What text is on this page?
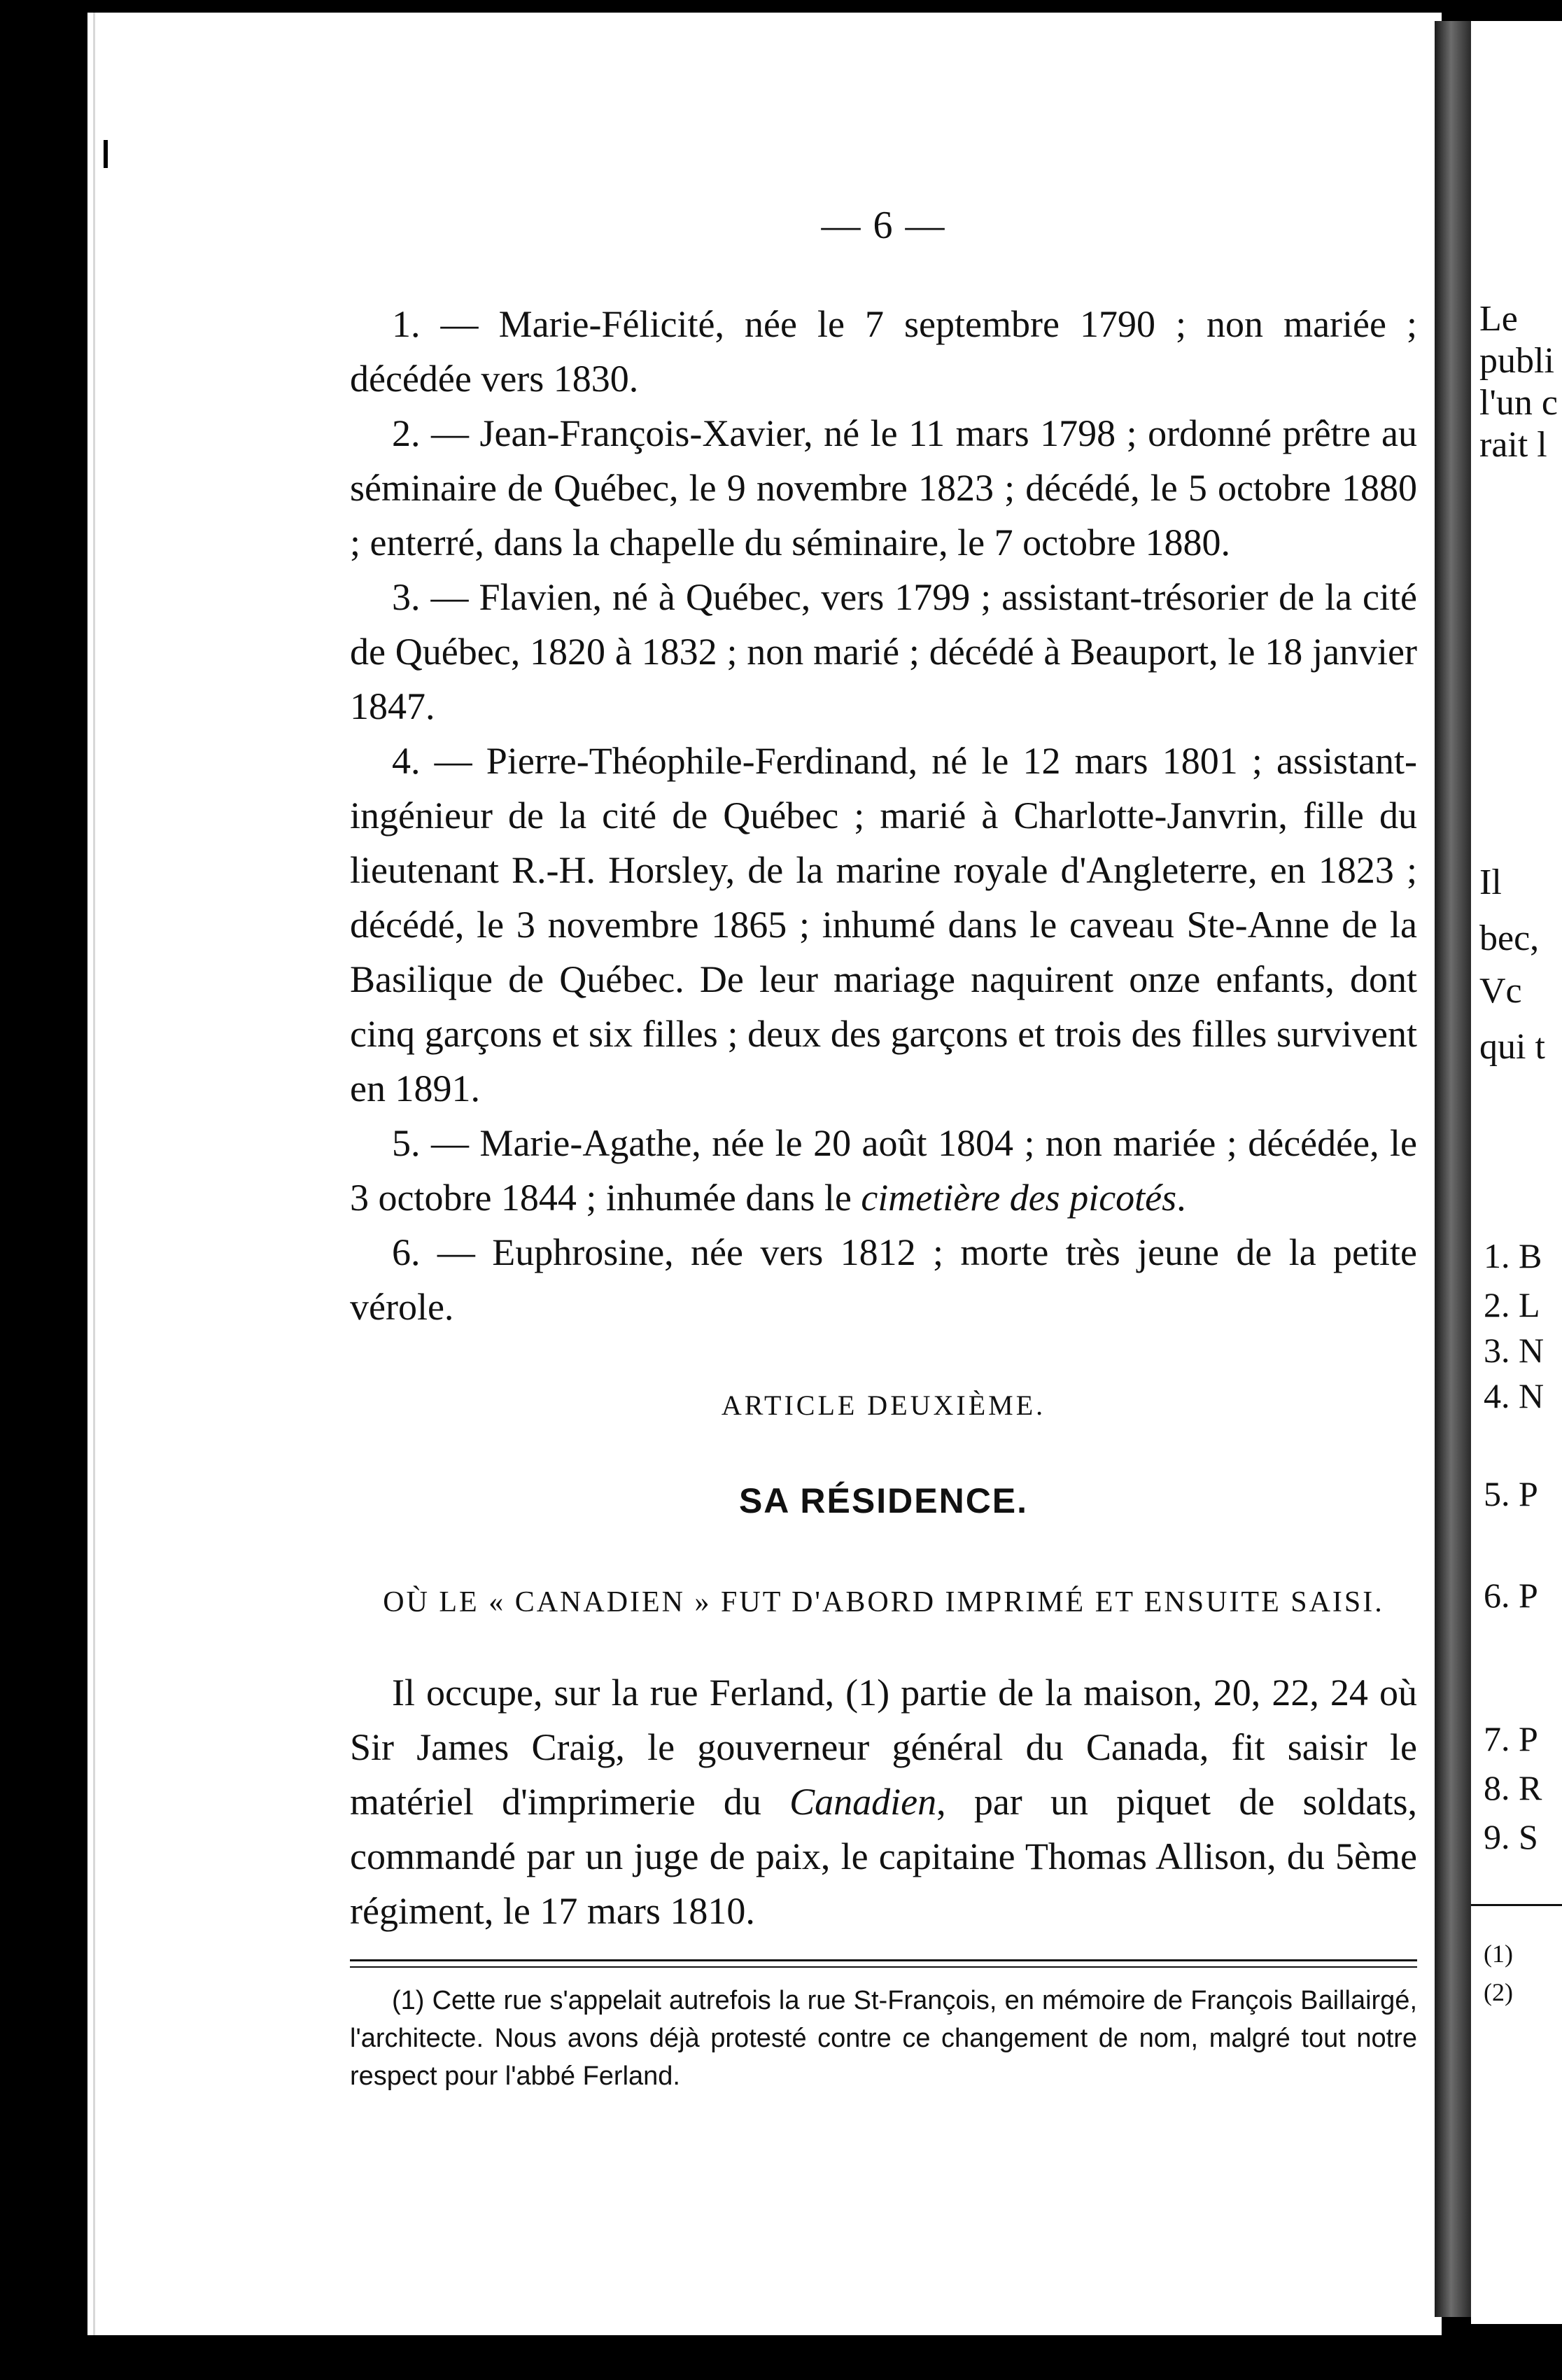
Le
publi
l'un c
rait l
Il
bec,
Vc
qui t
1. B
2. L
3. N
4. N
5. P
6. P
7. P
8. R
9. S
(1)
(2)
— 6 —

1. — Marie-Félicité, née le 7 septembre 1790 ; non mariée ; décédée vers 1830.

2. — Jean-François-Xavier, né le 11 mars 1798 ; ordonné prêtre au séminaire de Québec, le 9 novembre 1823 ; décédé, le 5 octobre 1880 ; enterré, dans la chapelle du séminaire, le 7 octobre 1880.

3. — Flavien, né à Québec, vers 1799 ; assistant-trésorier de la cité de Québec, 1820 à 1832 ; non marié ; décédé à Beauport, le 18 janvier 1847.

4. — Pierre-Théophile-Ferdinand, né le 12 mars 1801 ; assistant-ingénieur de la cité de Québec ; marié à Charlotte-Janvrin, fille du lieutenant R.-H. Horsley, de la marine royale d'Angleterre, en 1823 ; décédé, le 3 novembre 1865 ; inhumé dans le caveau Ste-Anne de la Basilique de Québec. De leur mariage naquirent onze enfants, dont cinq garçons et six filles ; deux des garçons et trois des filles survivent en 1891.

5. — Marie-Agathe, née le 20 août 1804 ; non mariée ; décédée, le 3 octobre 1844 ; inhumée dans le cimetière des picotés.

6. — Euphrosine, née vers 1812 ; morte très jeune de la petite vérole.

ARTICLE DEUXIÈME.
SA RÉSIDENCE.
OÙ LE « CANADIEN » FUT D'ABORD IMPRIMÉ ET ENSUITE SAISI.

Il occupe, sur la rue Ferland, (1) partie de la maison, 20, 22, 24 où Sir James Craig, le gouverneur général du Canada, fit saisir le matériel d'imprimerie du Canadien, par un piquet de soldats, commandé par un juge de paix, le capitaine Thomas Allison, du 5ème régiment, le 17 mars 1810.

(1) Cette rue s'appelait autrefois la rue St-François, en mémoire de François Baillairgé, l'architecte. Nous avons déjà protesté contre ce changement de nom, malgré tout notre respect pour l'abbé Ferland.
